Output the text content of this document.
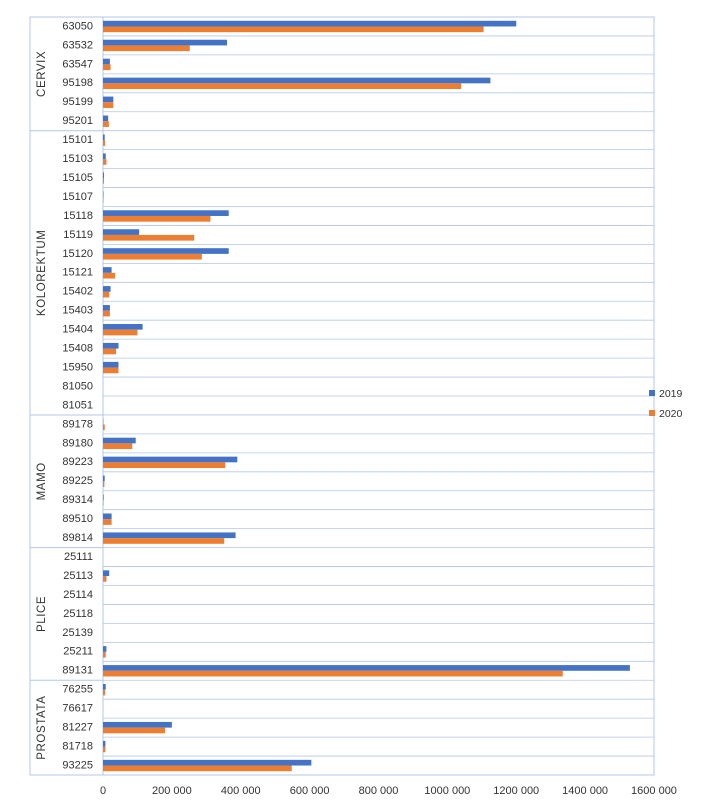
CERVIX
KOLOREKTUM
MAMO
PLICE
PROSTATA
63050
63532
63547
95198
95199
95201
15101
15103
15105
15107
15118
15119
15120
15121
15402
15403
15404
15408
15950
81050
81051
89178
89180
89223
89225
89314
89510
89814
25111
25113
25114
25118
25139
25211
89131
76255
76617
81227
81718
93225
0	200 000	400 000	600 000	800 000 1000 000 1200 000 1400 000 1600 000
2019
2020
